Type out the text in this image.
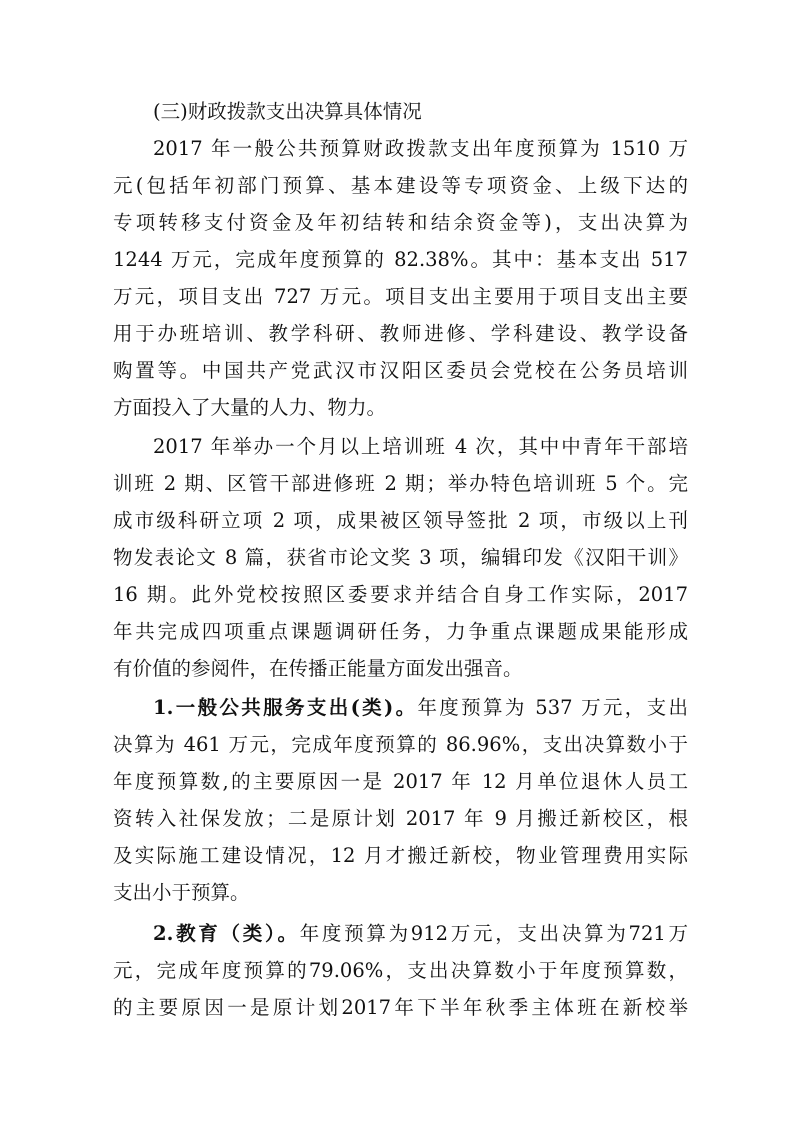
(三)财政拨款支出决算具体情况
2017 年一般公共预算财政拨款支出年度预算为 1510 万
元(包括年初部门预算、基本建设等专项资金、上级下达的
专项转移支付资金及年初结转和结余资金等)，支出决算为
1244 万元，完成年度预算的 82.38%。其中：基本支出 517
万元，项目支出 727 万元。项目支出主要用于项目支出主要
用于办班培训、教学科研、教师进修、学科建设、教学设备
购置等。中国共产党武汉市汉阳区委员会党校在公务员培训
方面投入了大量的人力、物力。
2017 年举办一个月以上培训班 4 次，其中中青年干部培
训班 2 期、区管干部进修班 2 期；举办特色培训班 5 个。完
成市级科研立项 2 项，成果被区领导签批 2 项，市级以上刊
物发表论文 8 篇，获省市论文奖 3 项，编辑印发《汉阳干训》
16 期。此外党校按照区委要求并结合自身工作实际，2017
年共完成四项重点课题调研任务，力争重点课题成果能形成
有价值的参阅件，在传播正能量方面发出强音。
1.一般公共服务支出(类)。年度预算为 537 万元，支出
决算为 461 万元，完成年度预算的 86.96%，支出决算数小于
年度预算数,的主要原因一是 2017 年 12 月单位退休人员工
资转入社保发放；二是原计划 2017 年 9 月搬迁新校区，根
及实际施工建设情况，12 月才搬迁新校，物业管理费用实际
支出小于预算。
2.教育（类）。年度预算为912万元，支出决算为721万
元，完成年度预算的79.06%，支出决算数小于年度预算数，
的主要原因一是原计划2017年下半年秋季主体班在新校举
